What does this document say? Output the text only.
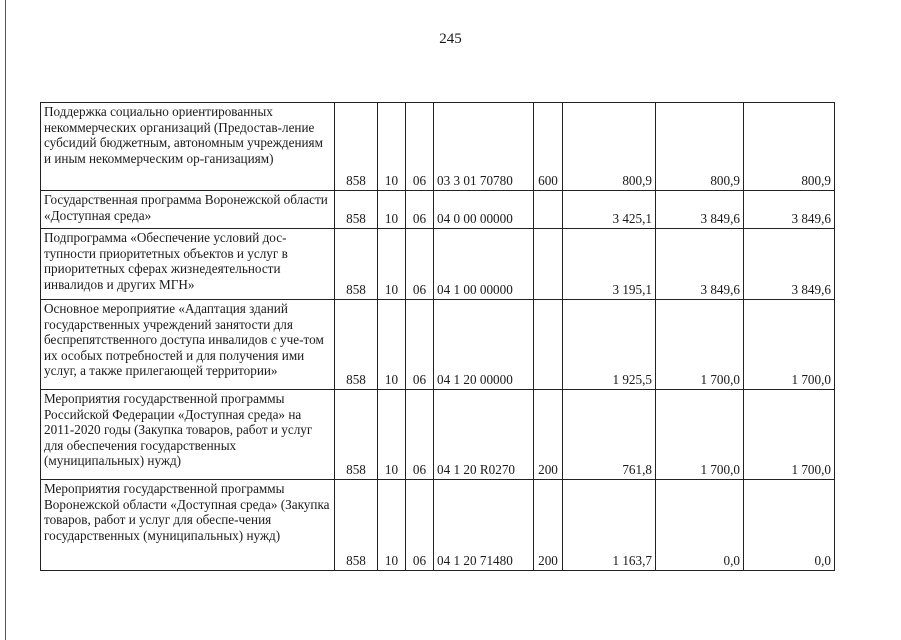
245
Поддержка социально ориентированных некоммерческих организаций (Предостав-ление субсидий бюджетным, автономным учреждениям и иным некоммерческим ор-ганизациям)	858	10	06	03 3 01 70780	600	800,9	800,9	800,9
Государственная программа Воронежской области «Доступная среда»	858	10	06	04 0 00 00000		3 425,1	3 849,6	3 849,6
Подпрограмма «Обеспечение условий дос-тупности приоритетных объектов и услуг в приоритетных сферах жизнедеятельности инвалидов и других МГН»	858	10	06	04 1 00 00000		3 195,1	3 849,6	3 849,6
Основное мероприятие «Адаптация зданий государственных учреждений занятости для беспрепятственного доступа инвалидов с уче-том их особых потребностей и для получения ими услуг, а также прилегающей территории»	858	10	06	04 1 20 00000		1 925,5	1 700,0	1 700,0
Мероприятия государственной программы Российской Федерации «Доступная среда» на 2011-2020 годы (Закупка товаров, работ и услуг для обеспечения государственных (муниципальных) нужд)	858	10	06	04 1 20 R0270	200	761,8	1 700,0	1 700,0
Мероприятия государственной программы Воронежской области «Доступная среда» (Закупка товаров, работ и услуг для обеспе-чения государственных (муниципальных) нужд)	858	10	06	04 1 20 71480	200	1 163,7	0,0	0,0
